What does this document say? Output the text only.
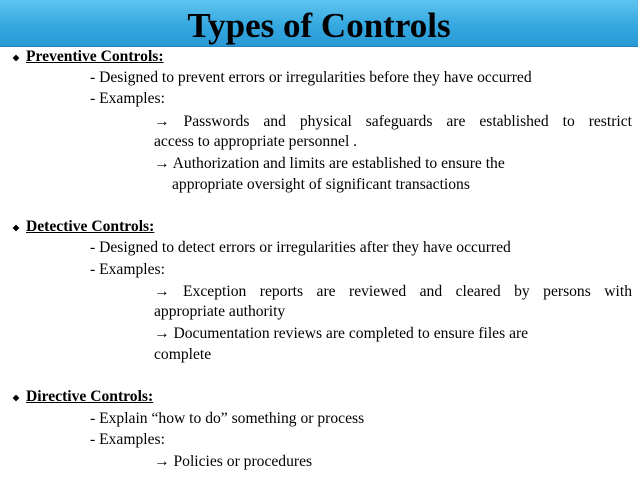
Types of Controls
Preventive Controls:
- Designed to prevent errors or irregularities before they have occurred
- Examples:
→ Passwords and physical safeguards are established to restrict
access to appropriate personnel .
→ Authorization and limits are established to ensure the
appropriate oversight of significant transactions
Detective Controls:
- Designed to detect errors or irregularities after they have occurred
- Examples:
→ Exception reports are reviewed and cleared by persons with
appropriate authority
→ Documentation reviews are completed to ensure files are
complete
Directive Controls:
- Explain “how to do” something or process
- Examples:
→ Policies or procedures
